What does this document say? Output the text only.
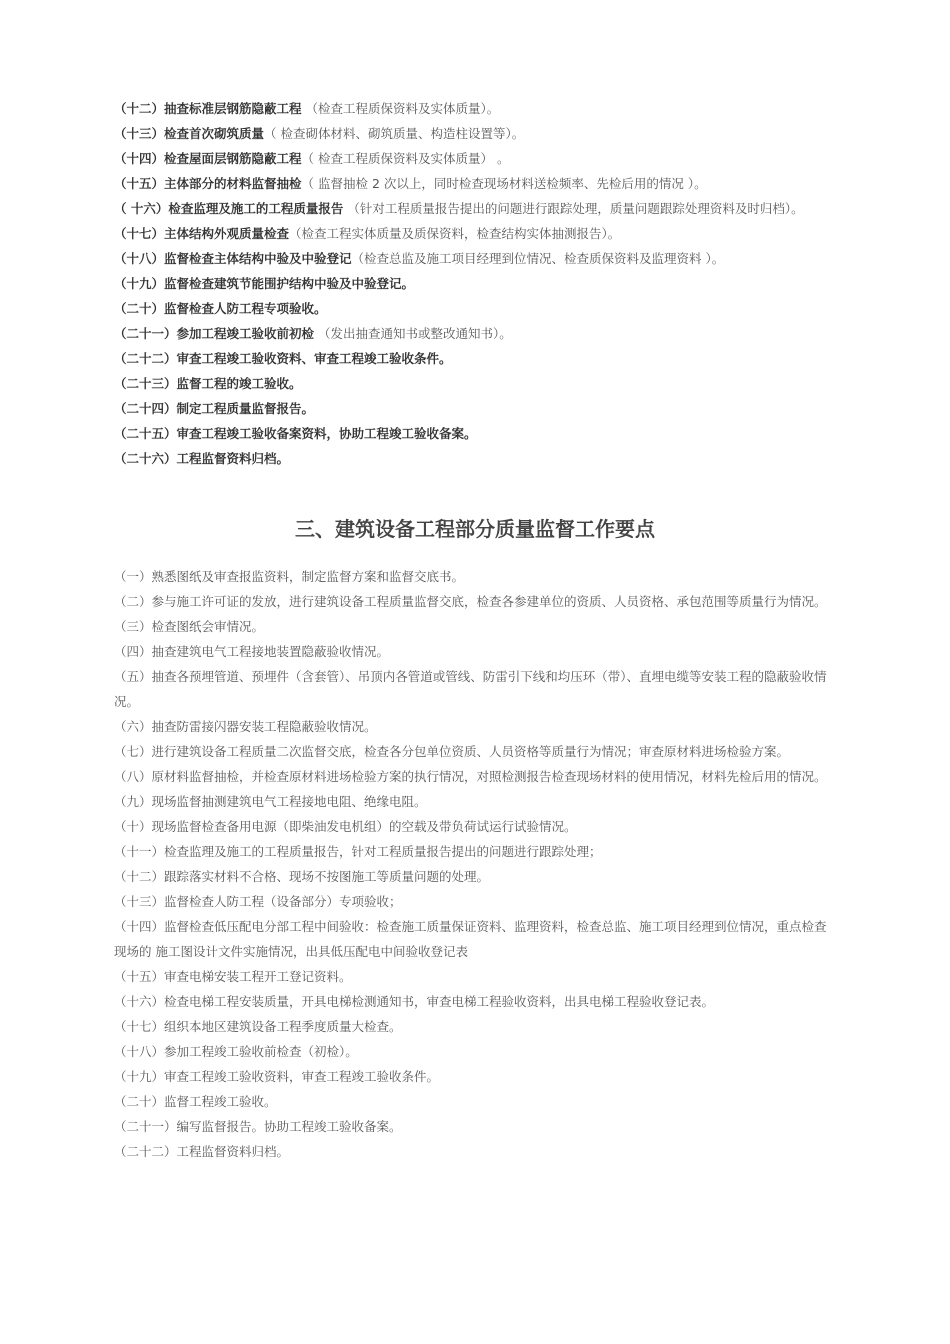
（十二）抽查标准层钢筋隐蔽工程 （检查工程质保资料及实体质量）。
（十三）检查首次砌筑质量（ 检查砌体材料、砌筑质量、构造柱设置等）。
（十四）检查屋面层钢筋隐蔽工程（ 检查工程质保资料及实体质量） 。
（十五）主体部分的材料监督抽检（ 监督抽检 2 次以上，同时检查现场材料送检频率、先检后用的情况 ）。
（ 十六）检查监理及施工的工程质量报告 （针对工程质量报告提出的问题进行跟踪处理，质量问题跟踪处理资料及时归档）。
（十七）主体结构外观质量检查（检查工程实体质量及质保资料，检查结构实体抽测报告）。
（十八）监督检查主体结构中验及中验登记（检查总监及施工项目经理到位情况、检查质保资料及监理资料 ）。
（十九）监督检查建筑节能围护结构中验及中验登记。
（二十）监督检查人防工程专项验收。
（二十一）参加工程竣工验收前初检 （发出抽查通知书或整改通知书）。
（二十二）审查工程竣工验收资料、审查工程竣工验收条件。
（二十三）监督工程的竣工验收。
（二十四）制定工程质量监督报告。
（二十五）审查工程竣工验收备案资料，协助工程竣工验收备案。
（二十六）工程监督资料归档。
三、建筑设备工程部分质量监督工作要点
（一）熟悉图纸及审查报监资料，制定监督方案和监督交底书。
（二）参与施工许可证的发放，进行建筑设备工程质量监督交底，检查各参建单位的资质、人员资格、承包范围等质量行为情况。
（三）检查图纸会审情况。
（四）抽查建筑电气工程接地装置隐蔽验收情况。
（五）抽查各预埋管道、预埋件（含套管）、吊顶内各管道或管线、防雷引下线和均压环（带）、直埋电缆等安装工程的隐蔽验收情况。
（六）抽查防雷接闪器安装工程隐蔽验收情况。
（七）进行建筑设备工程质量二次监督交底，检查各分包单位资质、人员资格等质量行为情况；审查原材料进场检验方案。
（八）原材料监督抽检，并检查原材料进场检验方案的执行情况，对照检测报告检查现场材料的使用情况，材料先检后用的情况。
（九）现场监督抽测建筑电气工程接地电阻、绝缘电阻。
（十）现场监督检查备用电源（即柴油发电机组）的空载及带负荷试运行试验情况。
（十一）检查监理及施工的工程质量报告，针对工程质量报告提出的问题进行跟踪处理；
（十二）跟踪落实材料不合格、现场不按图施工等质量问题的处理。
（十三）监督检查人防工程（设备部分）专项验收；
（十四）监督检查低压配电分部工程中间验收：检查施工质量保证资料、监理资料，检查总监、施工项目经理到位情况，重点检查现场的 施工图设计文件实施情况，出具低压配电中间验收登记表
（十五）审查电梯安装工程开工登记资料。
（十六）检查电梯工程安装质量，开具电梯检测通知书，审查电梯工程验收资料，出具电梯工程验收登记表。
（十七）组织本地区建筑设备工程季度质量大检查。
（十八）参加工程竣工验收前检查（初检）。
（十九）审查工程竣工验收资料，审查工程竣工验收条件。
（二十）监督工程竣工验收。
（二十一）编写监督报告。协助工程竣工验收备案。
（二十二）工程监督资料归档。
